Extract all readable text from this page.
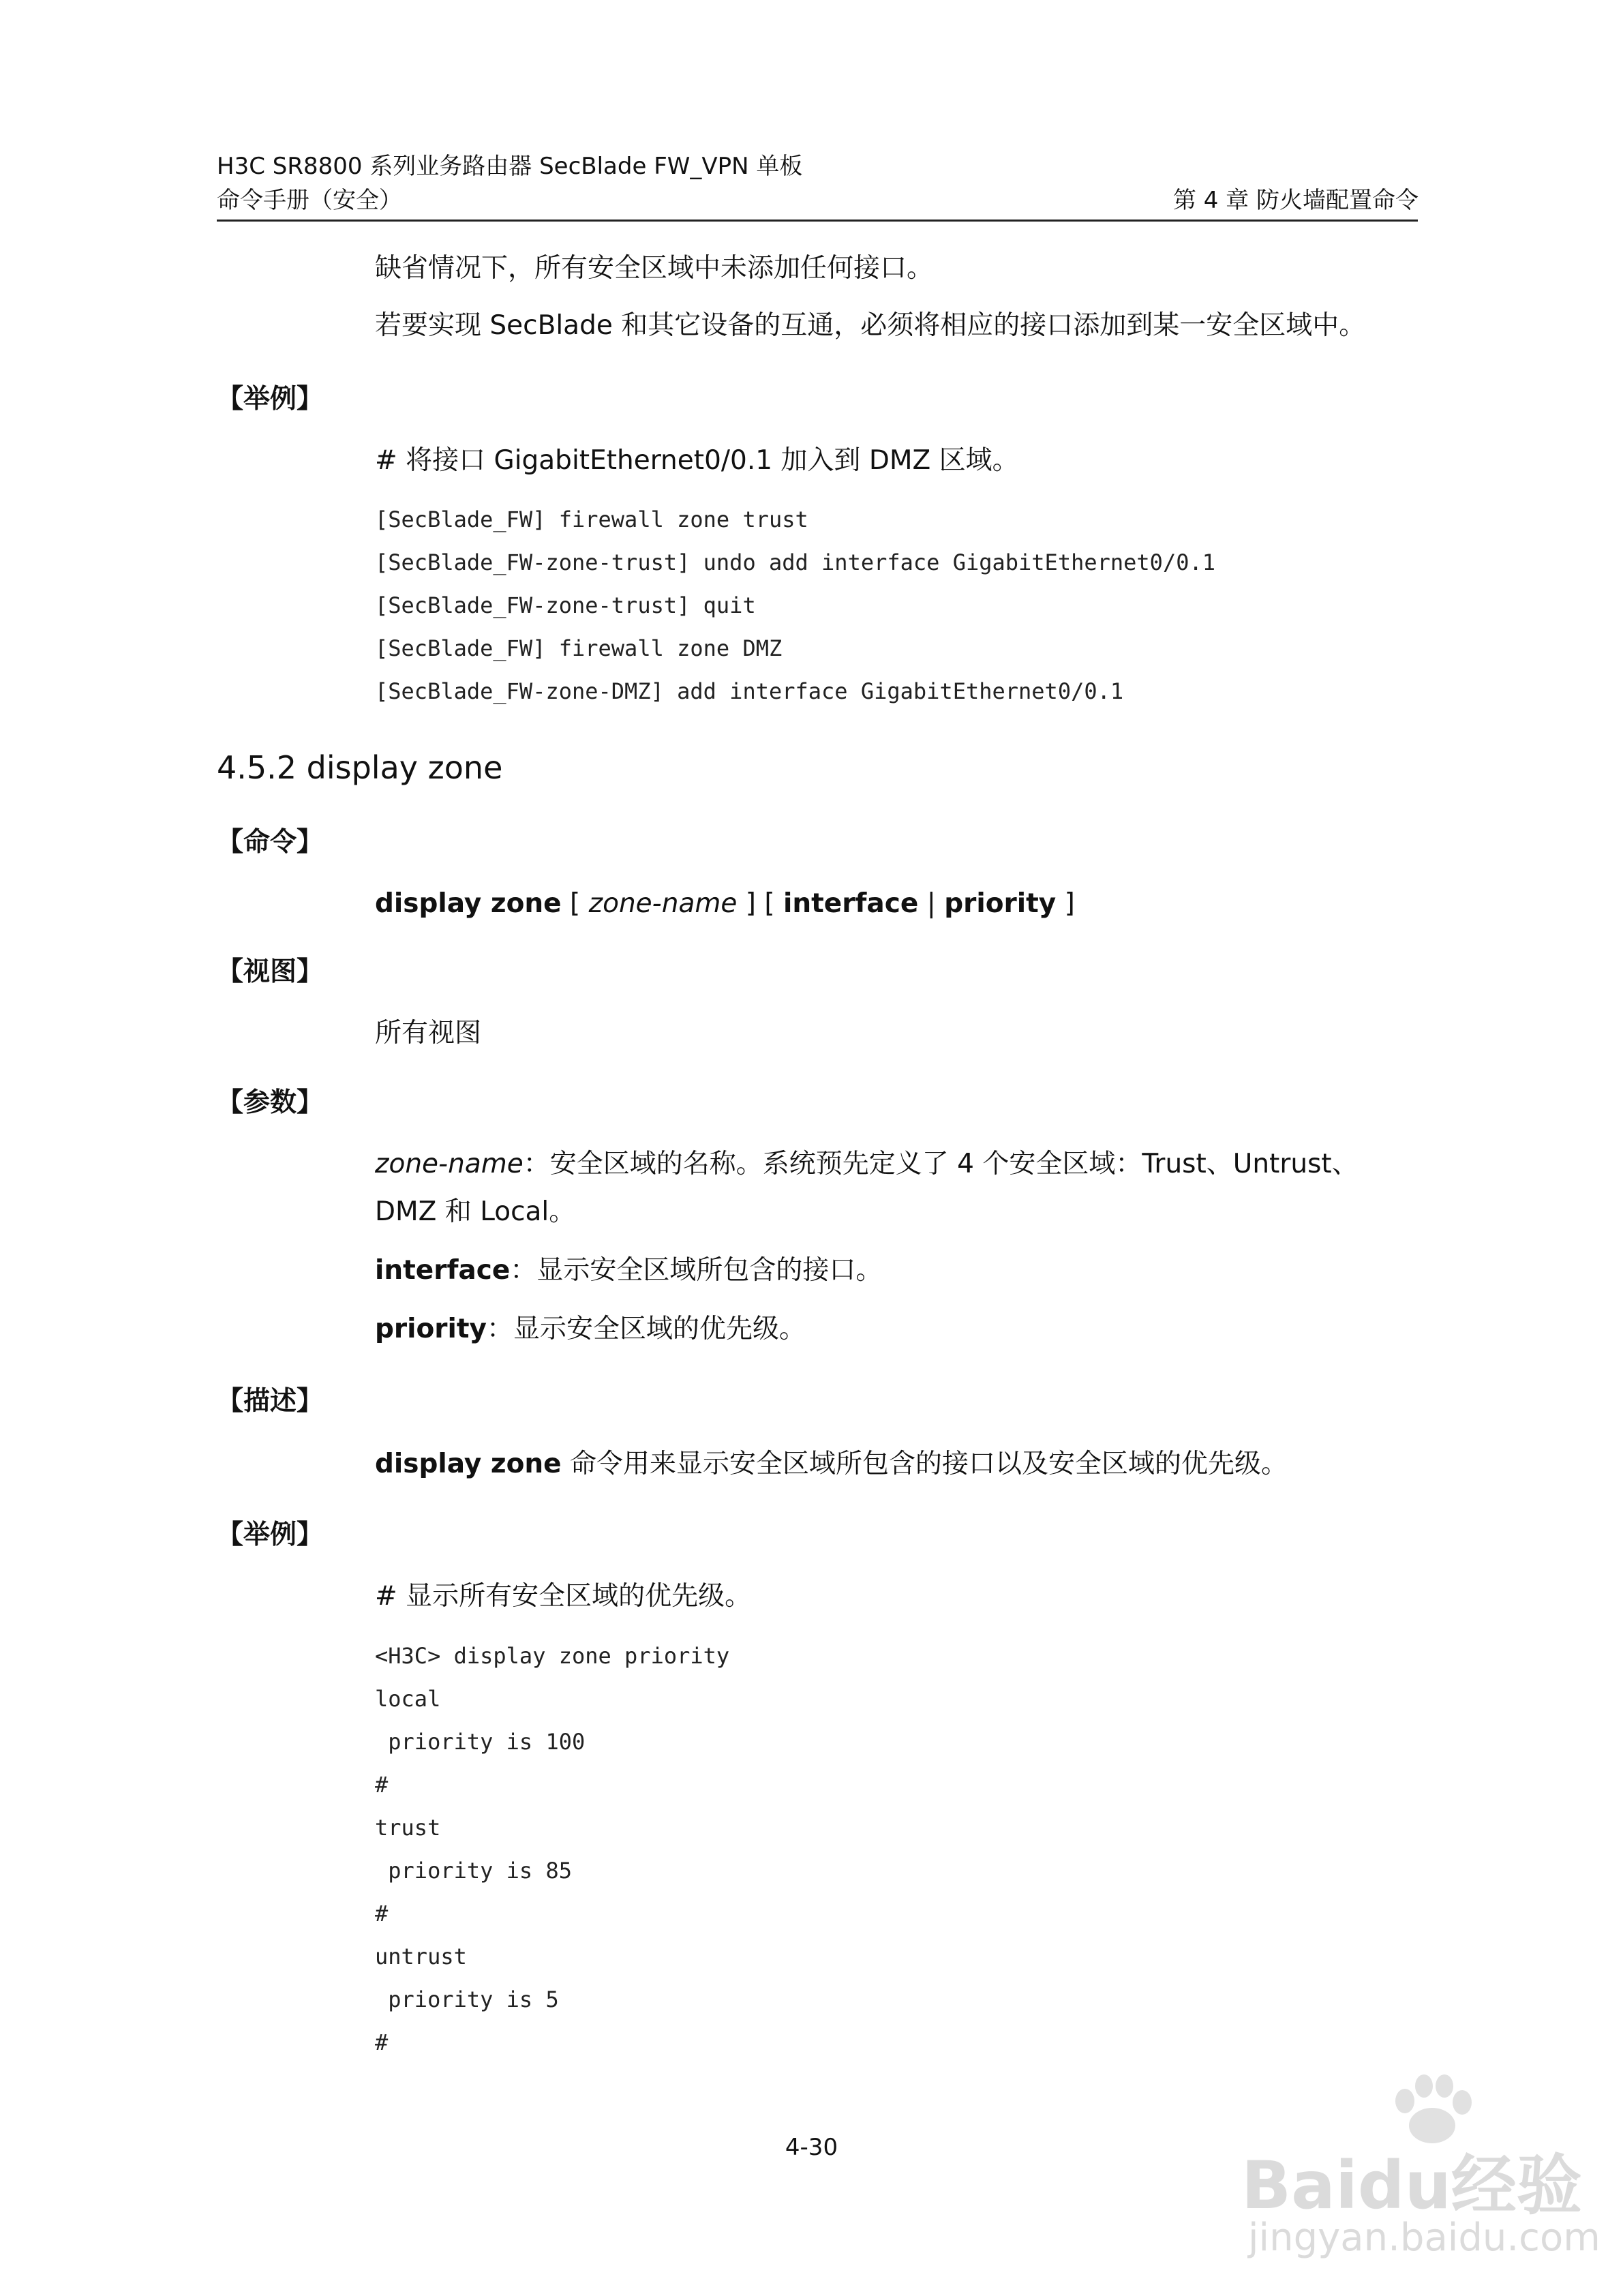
H3C SR8800 系列业务路由器 SecBlade FW_VPN 单板
命令手册（安全）	第 4 章 防火墙配置命令
缺省情况下，所有安全区域中未添加任何接口。
若要实现 SecBlade 和其它设备的互通，必须将相应的接口添加到某一安全区域中。
【举例】
# 将接口 GigabitEthernet0/0.1 加入到 DMZ 区域。
[SecBlade_FW] firewall zone trust
[SecBlade_FW-zone-trust] undo add interface GigabitEthernet0/0.1
[SecBlade_FW-zone-trust] quit
[SecBlade_FW] firewall zone DMZ
[SecBlade_FW-zone-DMZ] add interface GigabitEthernet0/0.1
4.5.2 display zone
【命令】
display zone [ zone-name ] [ interface | priority ]
【视图】
所有视图
【参数】
zone-name：安全区域的名称。系统预先定义了 4 个安全区域：Trust、Untrust、
DMZ 和 Local。
interface：显示安全区域所包含的接口。
priority：显示安全区域的优先级。
【描述】
display zone 命令用来显示安全区域所包含的接口以及安全区域的优先级。
【举例】
# 显示所有安全区域的优先级。
<H3C> display zone priority
local
priority is 100
#
trust
priority is 85
#
untrust
priority is 5
#
4-30	Baidu经验
jingyan.baidu.com
